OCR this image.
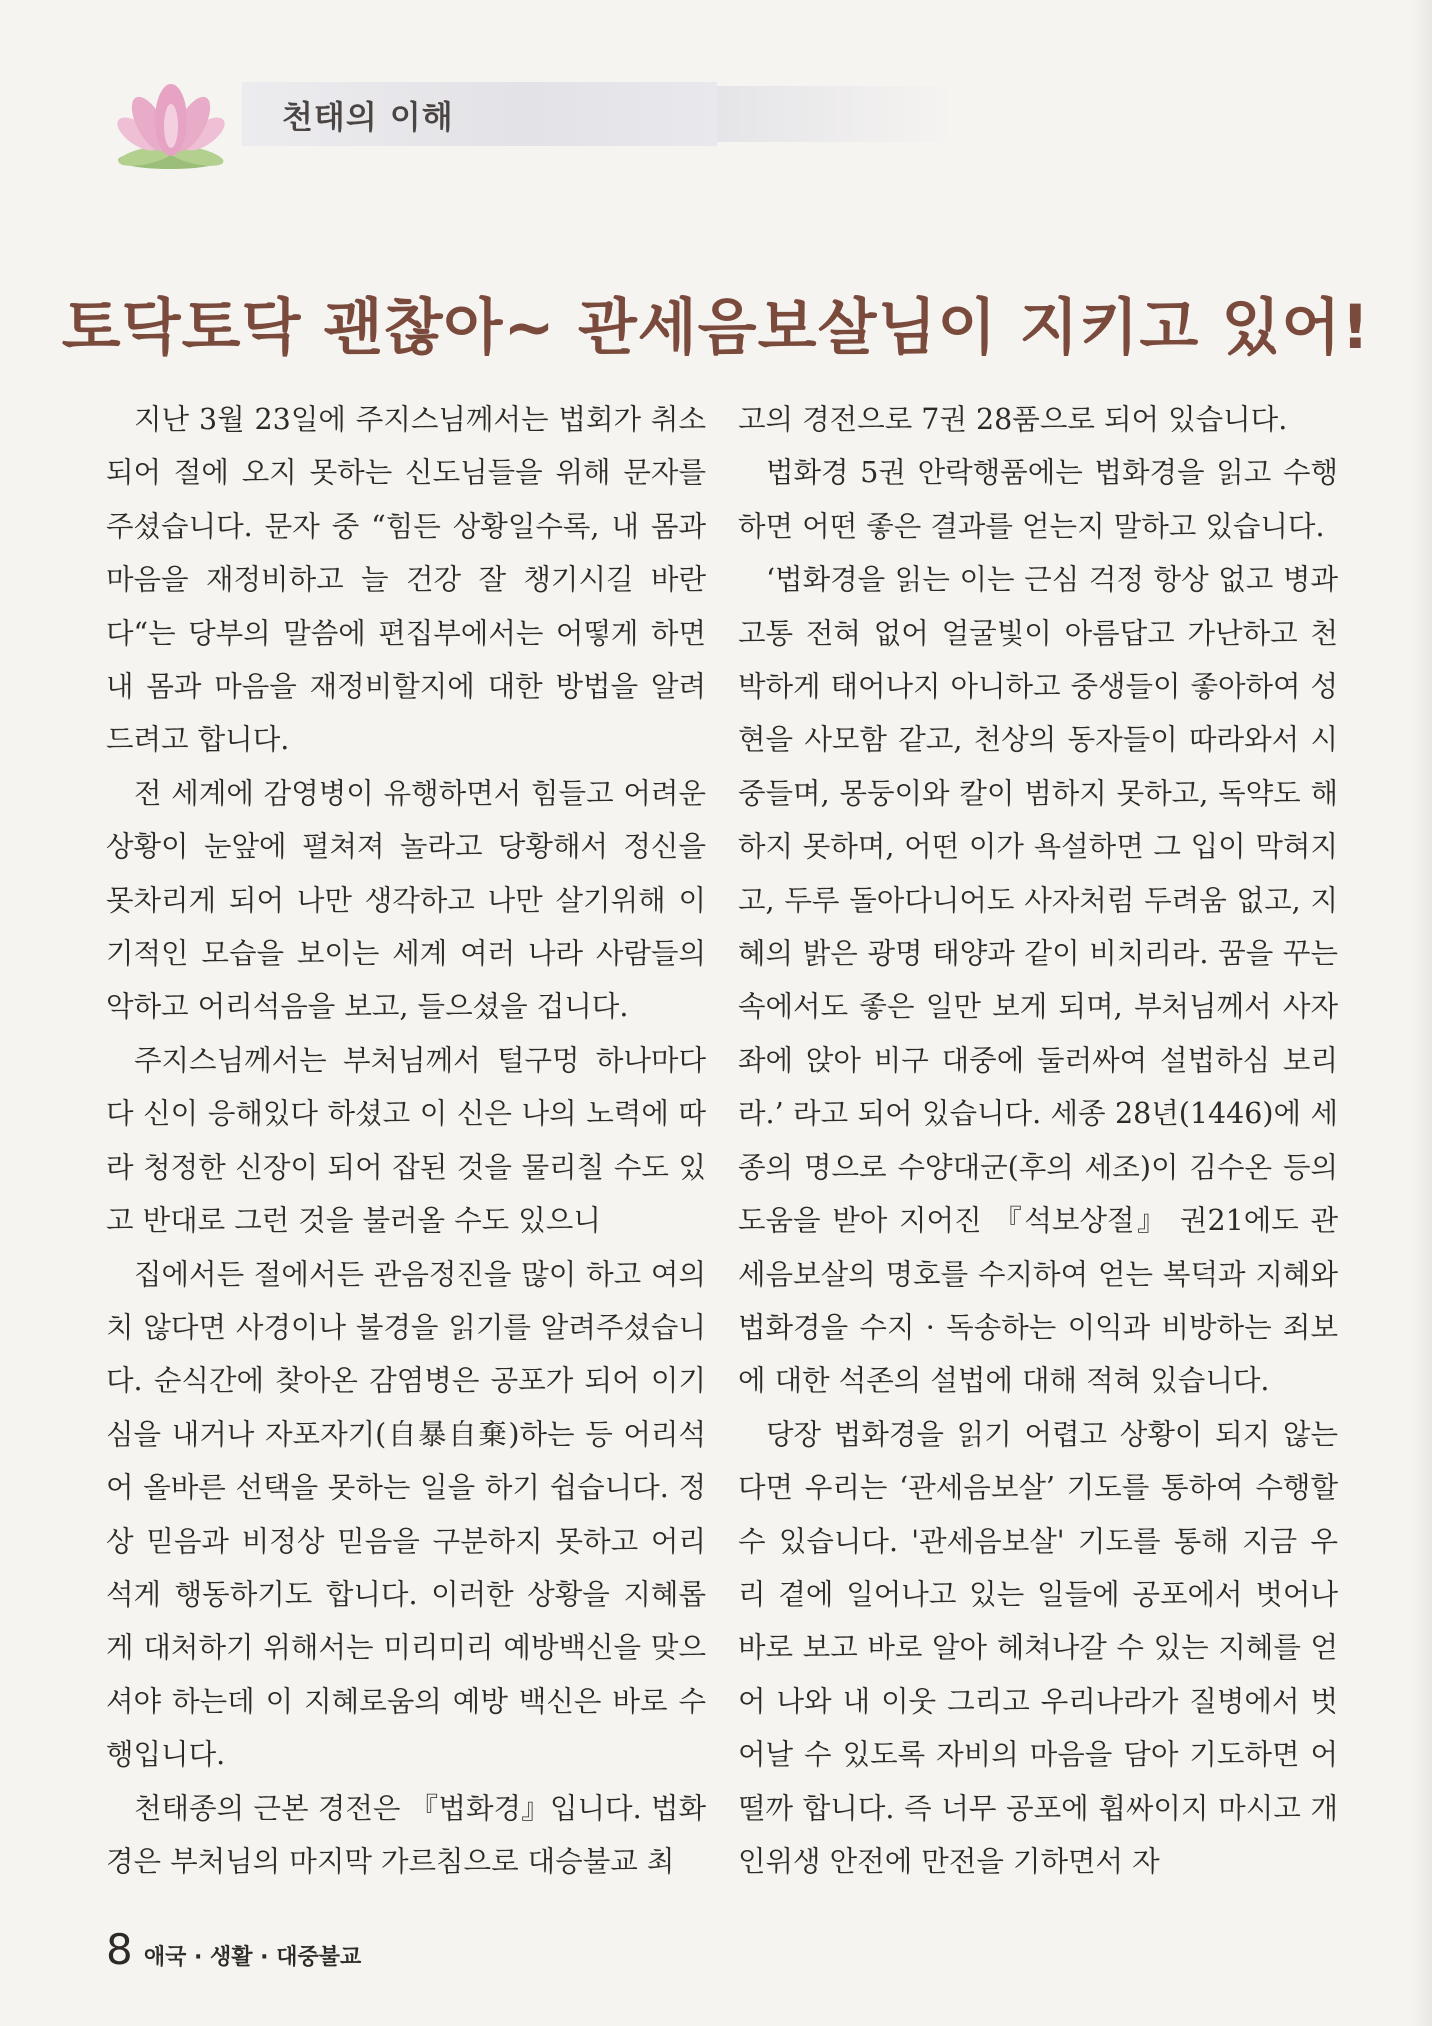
천태의 이해
토닥토닥 괜찮아~ 관세음보살님이 지키고 있어!

지난 3월 23일에 주지스님께서는 법회가 취소되어 절에 오지 못하는 신도님들을 위해 문자를 주셨습니다. 문자 중 “힘든 상황일수록, 내 몸과 마음을 재정비하고 늘 건강 잘 챙기시길 바란다“는 당부의 말씀에 편집부에서는 어떻게 하면 내 몸과 마음을 재정비할지에 대한 방법을 알려 드려고 합니다.

전 세계에 감영병이 유행하면서 힘들고 어려운 상황이 눈앞에 펼쳐져 놀라고 당황해서 정신을 못차리게 되어 나만 생각하고 나만 살기위해 이기적인 모습을 보이는 세계 여러 나라 사람들의 악하고 어리석음을 보고, 들으셨을 겁니다.

주지스님께서는 부처님께서 털구멍 하나마다 다 신이 응해있다 하셨고 이 신은 나의 노력에 따라 청정한 신장이 되어 잡된 것을 물리칠 수도 있고 반대로 그런 것을 불러올 수도 있으니

집에서든 절에서든 관음정진을 많이 하고 여의치 않다면 사경이나 불경을 읽기를 알려주셨습니다. 순식간에 찾아온 감염병은 공포가 되어 이기심을 내거나 자포자기(自暴自棄)하는 등 어리석어 올바른 선택을 못하는 일을 하기 쉽습니다. 정상 믿음과 비정상 믿음을 구분하지 못하고 어리석게 행동하기도 합니다. 이러한 상황을 지혜롭게 대처하기 위해서는 미리미리 예방백신을 맞으셔야 하는데 이 지혜로움의 예방 백신은 바로 수행입니다.

천태종의 근본 경전은 『법화경』입니다. 법화경은 부처님의 마지막 가르침으로 대승불교 최

고의 경전으로 7권 28품으로 되어 있습니다.

법화경 5권 안락행품에는 법화경을 읽고 수행하면 어떤 좋은 결과를 얻는지 말하고 있습니다.

‘법화경을 읽는 이는 근심 걱정 항상 없고 병과 고통 전혀 없어 얼굴빛이 아름답고 가난하고 천박하게 태어나지 아니하고 중생들이 좋아하여 성현을 사모함 같고, 천상의 동자들이 따라와서 시중들며, 몽둥이와 칼이 범하지 못하고, 독약도 해하지 못하며, 어떤 이가 욕설하면 그 입이 막혀지고, 두루 돌아다니어도 사자처럼 두려움 없고, 지혜의 밝은 광명 태양과 같이 비치리라. 꿈을 꾸는 속에서도 좋은 일만 보게 되며, 부처님께서 사자좌에 앉아 비구 대중에 둘러싸여 설법하심 보리라.’ 라고 되어 있습니다. 세종 28년(1446)에 세종의 명으로 수양대군(후의 세조)이 김수온 등의 도움을 받아 지어진 『석보상절』 권21에도 관세음보살의 명호를 수지하여 얻는 복덕과 지혜와 법화경을 수지 · 독송하는 이익과 비방하는 죄보에 대한 석존의 설법에 대해 적혀 있습니다.

당장 법화경을 읽기 어렵고 상황이 되지 않는다면 우리는 ‘관세음보살’ 기도를 통하여 수행할 수 있습니다. '관세음보살' 기도를 통해 지금 우리 곁에 일어나고 있는 일들에 공포에서 벗어나 바로 보고 바로 알아 헤쳐나갈 수 있는 지혜를 얻어 나와 내 이웃 그리고 우리나라가 질병에서 벗어날 수 있도록 자비의 마음을 담아 기도하면 어떨까 합니다. 즉 너무 공포에 휩싸이지 마시고 개인위생 안전에 만전을 기하면서 자

8 애국 · 생활 · 대중불교
